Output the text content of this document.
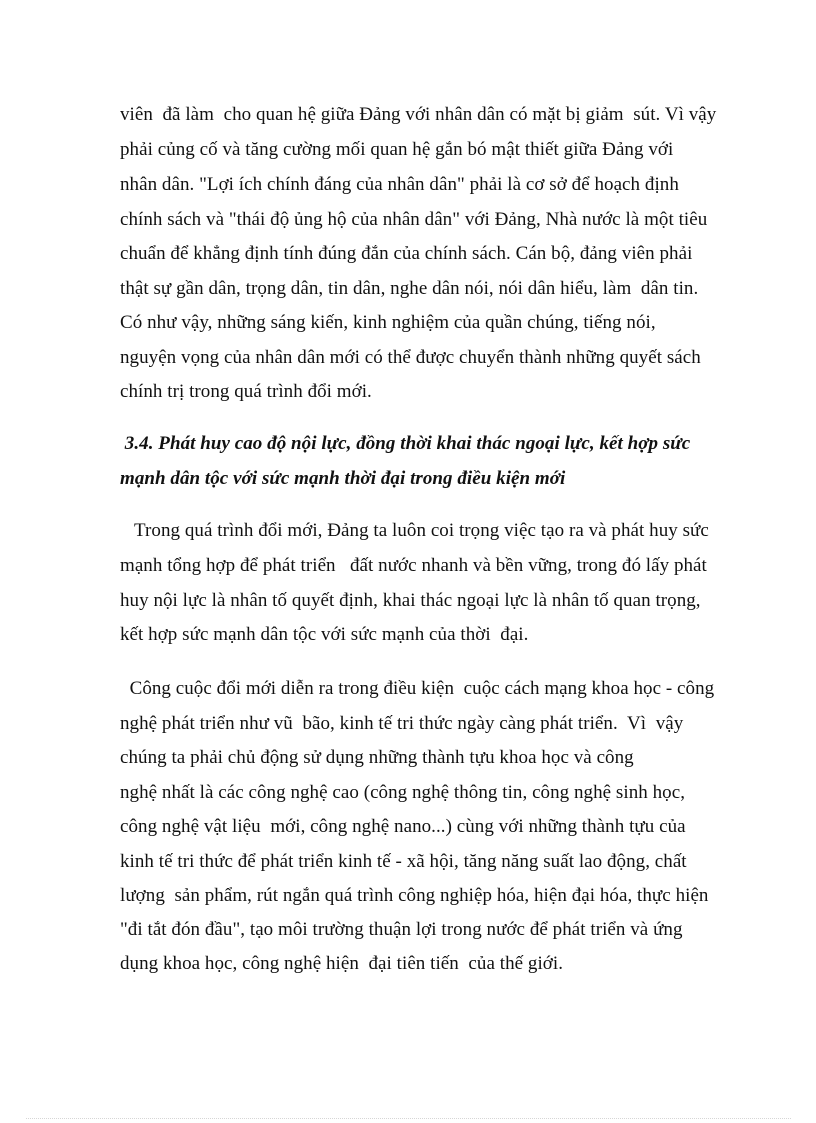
viên  đã làm  cho quan hệ giữa Đảng với nhân dân có mặt bị giảm  sút. Vì vậy
phải củng cố và tăng cường mối quan hệ gắn bó mật thiết giữa Đảng với
nhân dân. "Lợi ích chính đáng của nhân dân" phải là cơ sở để hoạch định
chính sách và "thái độ ủng hộ của nhân dân" với Đảng, Nhà nước là một tiêu
chuẩn để khẳng định tính đúng đắn của chính sách. Cán bộ, đảng viên phải
thật sự gần dân, trọng dân, tin dân, nghe dân nói, nói dân hiểu, làm  dân tin.
Có như vậy, những sáng kiến, kinh nghiệm của quần chúng, tiếng nói,
nguyện vọng của nhân dân mới có thể được chuyển thành những quyết sách
chính trị trong quá trình đổi mới.
3.4. Phát huy cao độ nội lực, đồng thời khai thác ngoại lực, kết hợp sức
mạnh dân tộc với sức mạnh thời đại trong điều kiện mới
Trong quá trình đổi mới, Đảng ta luôn coi trọng việc tạo ra và phát huy sức
mạnh tổng hợp để phát triển   đất nước nhanh và bền vững, trong đó lấy phát
huy nội lực là nhân tố quyết định, khai thác ngoại lực là nhân tố quan trọng,
kết hợp sức mạnh dân tộc với sức mạnh của thời  đại.
Công cuộc đổi mới diễn ra trong điều kiện  cuộc cách mạng khoa học - công
nghệ phát triển như vũ  bão, kinh tế tri thức ngày càng phát triển.  Vì  vậy
chúng ta phải chủ động sử dụng những thành tựu khoa học và công
nghệ nhất là các công nghệ cao (công nghệ thông tin, công nghệ sinh học,
công nghệ vật liệu  mới, công nghệ nano...) cùng với những thành tựu của
kinh tế tri thức để phát triển kinh tế - xã hội, tăng năng suất lao động, chất
lượng  sản phẩm, rút ngắn quá trình công nghiệp hóa, hiện đại hóa, thực hiện
"đi tắt đón đầu", tạo môi trường thuận lợi trong nước để phát triển và ứng
dụng khoa học, công nghệ hiện  đại tiên tiến  của thế giới.
